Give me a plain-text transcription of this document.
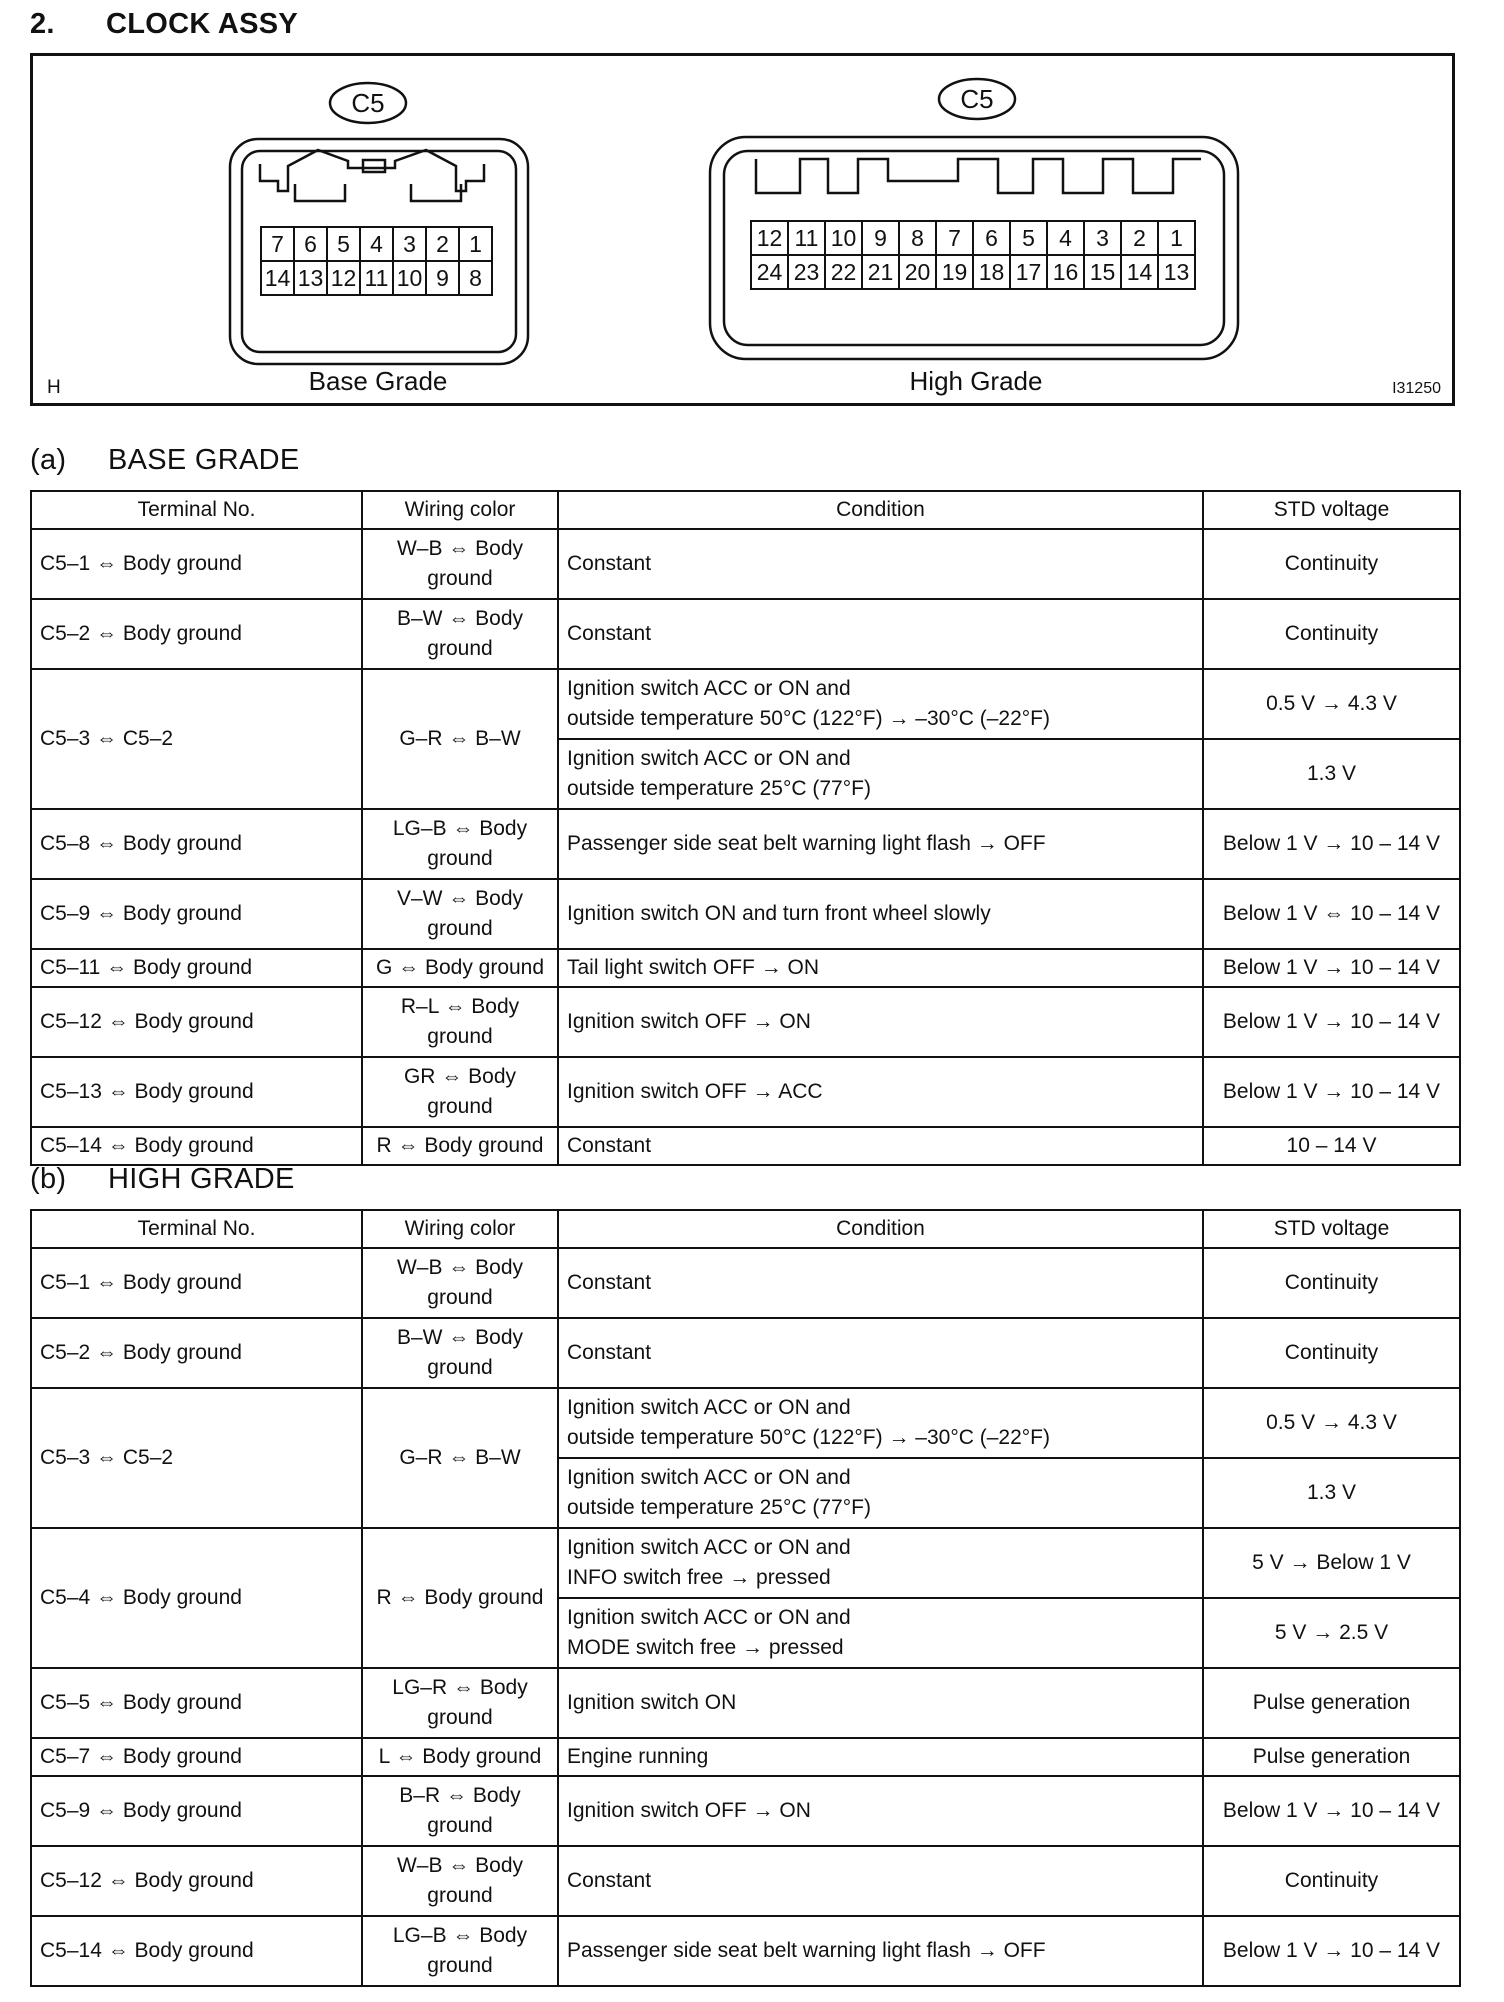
2. CLOCK ASSY
C5	C5
Base Grade	High Grade
H	I31250
7 6 5 4 3 2 1
14 13 12 11 10 9 8
12 11 10 9 8 7 6 5 4 3 2 1
24 23 22 21 20 19 18 17 16 15 14 13
(a) BASE GRADE
Terminal No.	Wiring color	Condition	STD voltage
C5–1 ⇔ Body ground	W–B ⇔ Body
ground	Constant	Continuity
C5–2 ⇔ Body ground	B–W ⇔ Body
ground	Constant	Continuity
C5–3 ⇔ C5–2	G–R ⇔ B–W	Ignition switch ACC or ON and
outside temperature 50°C (122°F) → –30°C (–22°F)	0.5 V → 4.3 V
		Ignition switch ACC or ON and
outside temperature 25°C (77°F)	1.3 V
C5–8 ⇔ Body ground	LG–B ⇔ Body
ground	Passenger side seat belt warning light flash → OFF	Below 1 V → 10 – 14 V
C5–9 ⇔ Body ground	V–W ⇔ Body
ground	Ignition switch ON and turn front wheel slowly	Below 1 V ⇔ 10 – 14 V
C5–11 ⇔ Body ground	G ⇔ Body ground	Tail light switch OFF → ON	Below 1 V → 10 – 14 V
C5–12 ⇔ Body ground	R–L ⇔ Body
ground	Ignition switch OFF → ON	Below 1 V → 10 – 14 V
C5–13 ⇔ Body ground	GR ⇔ Body
ground	Ignition switch OFF → ACC	Below 1 V → 10 – 14 V
C5–14 ⇔ Body ground	R ⇔ Body ground	Constant	10 – 14 V
(b) HIGH GRADE
Terminal No.	Wiring color	Condition	STD voltage
C5–1 ⇔ Body ground	W–B ⇔ Body
ground	Constant	Continuity
C5–2 ⇔ Body ground	B–W ⇔ Body
ground	Constant	Continuity
C5–3 ⇔ C5–2	G–R ⇔ B–W	Ignition switch ACC or ON and
outside temperature 50°C (122°F) → –30°C (–22°F)	0.5 V → 4.3 V
		Ignition switch ACC or ON and
outside temperature 25°C (77°F)	1.3 V
C5–4 ⇔ Body ground	R ⇔ Body ground	Ignition switch ACC or ON and
INFO switch free → pressed	5 V → Below 1 V
		Ignition switch ACC or ON and
MODE switch free → pressed	5 V → 2.5 V
C5–5 ⇔ Body ground	LG–R ⇔ Body
ground	Ignition switch ON	Pulse generation
C5–7 ⇔ Body ground	L ⇔ Body ground	Engine running	Pulse generation
C5–9 ⇔ Body ground	B–R ⇔ Body
ground	Ignition switch OFF → ON	Below 1 V → 10 – 14 V
C5–12 ⇔ Body ground	W–B ⇔ Body
ground	Constant	Continuity
C5–14 ⇔ Body ground	LG–B ⇔ Body
ground	Passenger side seat belt warning light flash → OFF	Below 1 V → 10 – 14 V
